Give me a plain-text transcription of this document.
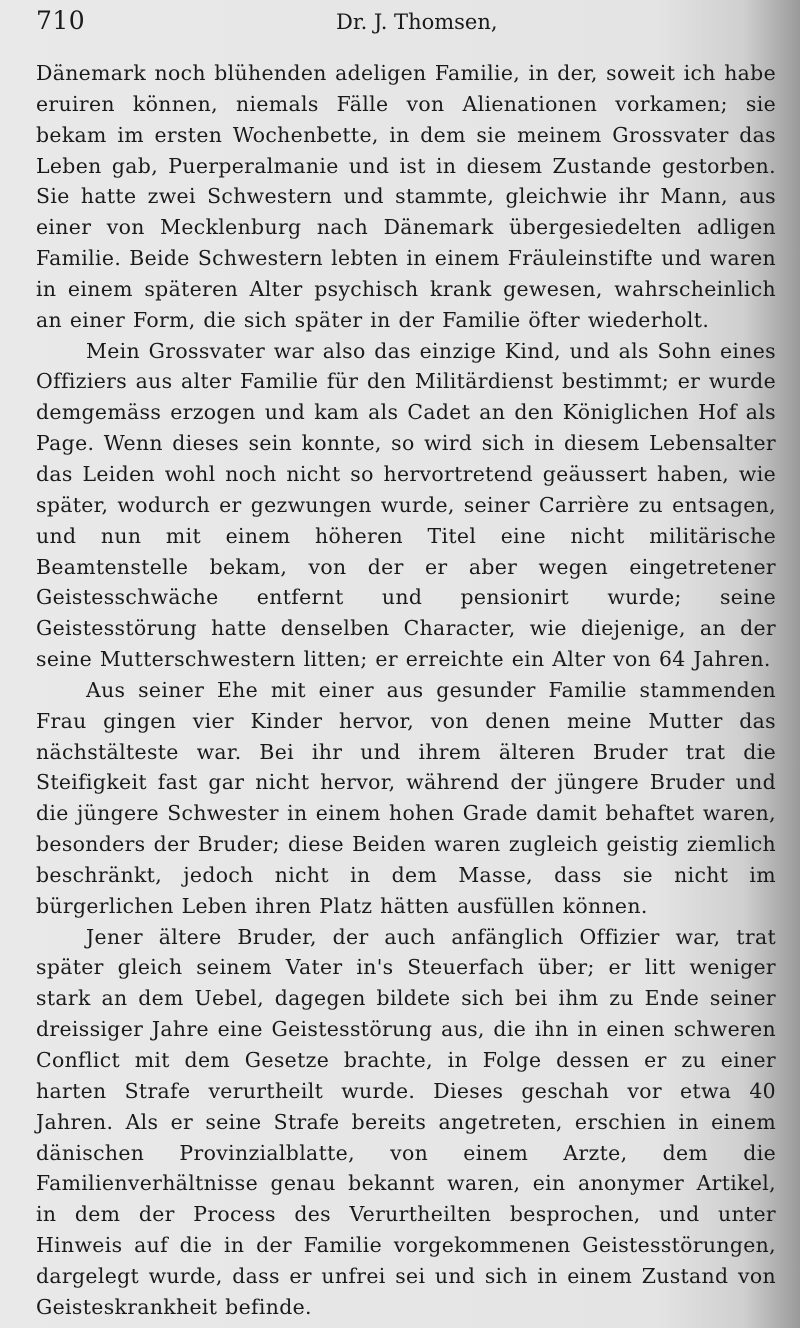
710	Dr. J. Thomsen,

Dänemark noch blühenden adeligen Familie, in der, soweit ich habe eruiren können, niemals Fälle von Alienationen vorkamen; sie bekam im ersten Wochenbette, in dem sie meinem Grossvater das Leben gab, Puerperalmanie und ist in diesem Zustande gestorben. Sie hatte zwei Schwestern und stammte, gleichwie ihr Mann, aus einer von Mecklenburg nach Dänemark übergesiedelten adligen Familie. Beide Schwestern lebten in einem Fräuleinstifte und waren in einem späteren Alter psychisch krank gewesen, wahrscheinlich an einer Form, die sich später in der Familie öfter wiederholt.

Mein Grossvater war also das einzige Kind, und als Sohn eines Offiziers aus alter Familie für den Militärdienst bestimmt; er wurde demgemäss erzogen und kam als Cadet an den Königlichen Hof als Page. Wenn dieses sein konnte, so wird sich in diesem Lebensalter das Leiden wohl noch nicht so hervortretend geäussert haben, wie später, wodurch er gezwungen wurde, seiner Carrière zu entsagen, und nun mit einem höheren Titel eine nicht militärische Beamtenstelle bekam, von der er aber wegen eingetretener Geistesschwäche entfernt und pensionirt wurde; seine Geistesstörung hatte denselben Character, wie diejenige, an der seine Mutterschwestern litten; er erreichte ein Alter von 64 Jahren.

Aus seiner Ehe mit einer aus gesunder Familie stammenden Frau gingen vier Kinder hervor, von denen meine Mutter das nächstälteste war. Bei ihr und ihrem älteren Bruder trat die Steifigkeit fast gar nicht hervor, während der jüngere Bruder und die jüngere Schwester in einem hohen Grade damit behaftet waren, besonders der Bruder; diese Beiden waren zugleich geistig ziemlich beschränkt, jedoch nicht in dem Masse, dass sie nicht im bürgerlichen Leben ihren Platz hätten ausfüllen können.

Jener ältere Bruder, der auch anfänglich Offizier war, trat später gleich seinem Vater in's Steuerfach über; er litt weniger stark an dem Uebel, dagegen bildete sich bei ihm zu Ende seiner dreissiger Jahre eine Geistesstörung aus, die ihn in einen schweren Conflict mit dem Gesetze brachte, in Folge dessen er zu einer harten Strafe verurtheilt wurde. Dieses geschah vor etwa 40 Jahren. Als er seine Strafe bereits angetreten, erschien in einem dänischen Provinzialblatte, von einem Arzte, dem die Familienverhältnisse genau bekannt waren, ein anonymer Artikel, in dem der Process des Verurtheilten besprochen, und unter Hinweis auf die in der Familie vorgekommenen Geistesstörungen, dargelegt wurde, dass er unfrei sei und sich in einem Zustand von Geisteskrankheit befinde.
